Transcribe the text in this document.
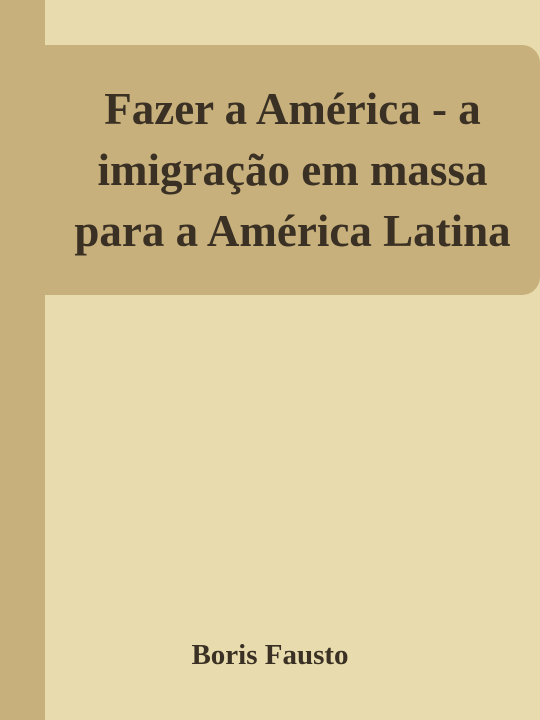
Fazer a América - a imigração em massa para a América Latina
Boris Fausto
